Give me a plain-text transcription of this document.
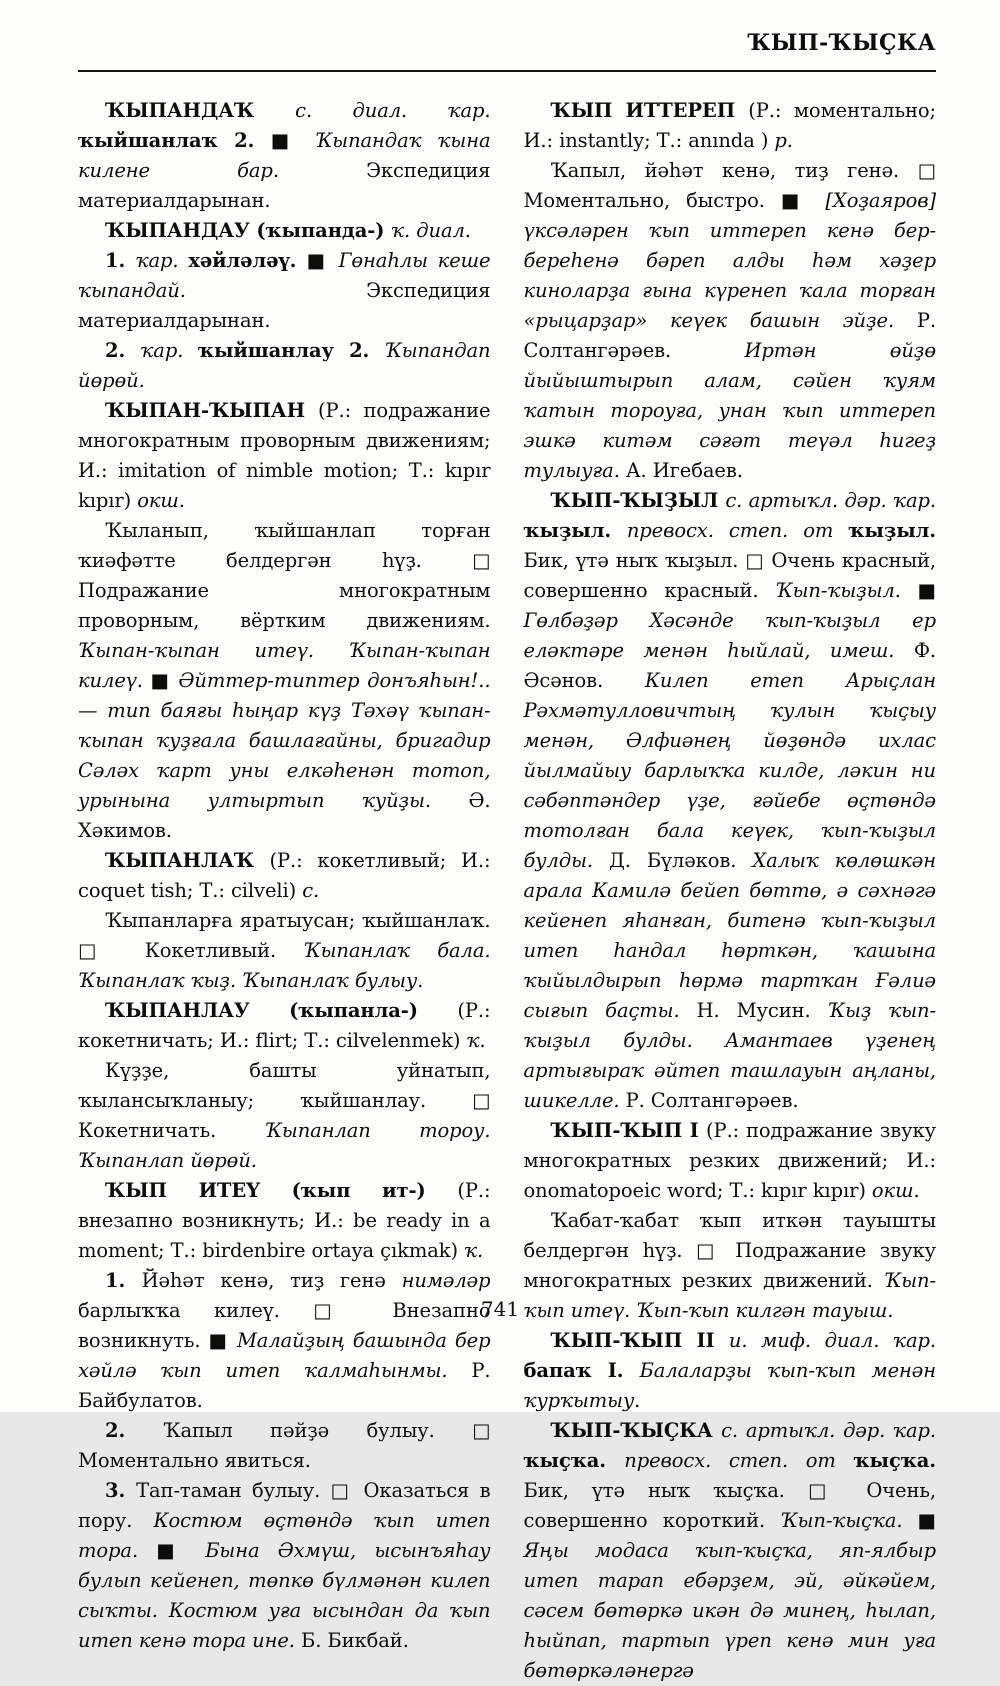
ҠЫП-ҠЫҪКА

ҠЫПАНДАҠ с. диал. ҡар. ҡыйшанлаҡ 2. ■ Ҡыпандаҡ ҡына килене бар. Экспедиция материалдарынан.

ҠЫПАНДАУ (ҡыпанда-) ҡ. диал.

1. ҡар. хәйләләү. ■ Гөнаһлы кеше ҡыпандай. Экспедиция материалдарынан.

2. ҡар. ҡыйшанлау 2. Ҡыпандап йөрөй.

ҠЫПАН-ҠЫПАН (Р.: подражание многократным проворным движениям; И.: imitation of nimble motion; Т.: kıpır kıpır) окш.

Ҡыланып, ҡыйшанлап торған ҡиәфәтте белдергән һүҙ. □ Подражание многократным проворным, вёртким движениям. Ҡыпан-ҡыпан итеү. Ҡыпан-ҡыпан килеү. ■ Әйттер-типтер донъяһын!.. — тип баяғы һыңар күҙ Тәхәү ҡыпан-ҡыпан ҡуҙғала башлағайны, бригадир Сәләх ҡарт уны елкәһенән тотоп, урынына ултыртып ҡуйҙы. Ә. Хәкимов.

ҠЫПАНЛАҠ (Р.: кокетливый; И.: coquet tish; Т.: cilveli) с.

Ҡыпанларға яратыусан; ҡыйшанлаҡ. □ Кокетливый. Ҡыпанлаҡ бала. Ҡыпанлаҡ ҡыҙ. Ҡыпанлаҡ булыу.

ҠЫПАНЛАУ (ҡыпанла-) (Р.: кокетничать; И.: flirt; Т.: cilvelenmek) ҡ.

Күҙҙе, башты уйнатып, ҡылансыҡланыу; ҡыйшанлау. □ Кокетничать. Ҡыпанлап тороу. Ҡыпанлап йөрөй.

ҠЫП ИТЕҮ (ҡып ит-) (Р.: внезапно возникнуть; И.: be ready in a moment; Т.: birdenbire ortaya çıkmak) ҡ.

1. Йәһәт кенә, тиҙ генә нимәләр барлыҡҡа килеү. □ Внезапно возникнуть. ■ Малайҙың башында бер хәйлә ҡып итеп ҡалмаһынмы. Р. Байбулатов.

2. Ҡапыл пәйҙә булыу. □ Моментально явиться.

3. Тап-таман булыу. □ Оказаться в пору. Костюм өҫтөндә ҡып итеп тора. ■ Бына Әхмүш, ысынъяһау булып кейенеп, төпкө бүлмәнән килеп сыҡты. Костюм уға ысындан да ҡып итеп кенә тора ине. Б. Бикбай.

ҠЫП ИТТЕРЕП (Р.: моментально; И.: instantly; Т.: anında ) р.

Ҡапыл, йәһәт кенә, тиҙ генә. □ Моментально, быстро. ■ [Хоҙаяров] үксәләрен ҡып иттереп кенә бер-береһенә бәреп алды һәм хәҙер киноларҙа ғына күренеп ҡала торған «рыцарҙар» кеүек башын эйҙе. Р. Солтангәрәев. Иртән өйҙө йыйыштырып алам, сәйен ҡуям ҡатын тороуға, унан ҡып иттереп эшкә китәм сәғәт теүәл һигеҙ тулыуға. А. Игебаев.

ҠЫП-ҠЫҘЫЛ с. артыҡл. дәр. ҡар. ҡыҙыл. превосх. степ. от ҡыҙыл. Бик, үтә ныҡ ҡыҙыл. □ Очень красный, совершенно красный. Ҡып-ҡыҙыл. ■ Гөлбәҙәр Хәсәнде ҡып-ҡыҙыл ер еләктәре менән һыйлай, имеш. Ф. Әсәнов. Килеп етеп Арыҫлан Рәхмәтулловичтың ҡулын ҡыҫыу менән, Әлфиәнең йөҙөндә ихлас йылмайыу барлыҡҡа килде, ләкин ни сәбәптәндер үҙе, ғәйебе өҫтөндә тотолған бала кеүек, ҡып-ҡыҙыл булды. Д. Бүләков. Халыҡ көлөшкән арала Камилә бейеп бөттө, ә сәхнәгә кейенеп яһанған, битенә ҡып-ҡыҙыл итеп һандал һөрткән, ҡашына ҡыйылдырып һөрмә тартҡан Ғәлиә сығып баҫты. Н. Мусин. Ҡыҙ ҡып-ҡыҙыл булды. Амантаев үҙенең артығыраҡ әйтеп ташлауын аңланы, шикелле. Р. Солтангәрәев.

ҠЫП-ҠЫП I (Р.: подражание звуку многократных резких движений; И.: onomatopoeic word; Т.: kıpır kıpır) окш.

Ҡабат-ҡабат ҡып иткән тауышты белдергән һүҙ. □ Подражание звуку многократных резких движений. Ҡып-ҡып итеү. Ҡып-ҡып килгән тауыш.

ҠЫП-ҠЫП II и. миф. диал. ҡар. бапаҡ I. Балаларҙы ҡып-ҡып менән ҡурҡытыу.

ҠЫП-ҠЫҪКА с. артыҡл. дәр. ҡар. ҡыҫҡа. превосх. степ. от ҡыҫҡа. Бик, үтә ныҡ ҡыҫҡа. □ Очень, совершенно короткий. Ҡып-ҡыҫҡа. ■ Яңы модаса ҡып-ҡыҫҡа, яп-ялбыр итеп тарап ебәрҙем, эй, әйкәйем, сәсем бөтөркә икән дә минең, һылап, һыйпап, тартып үреп кенә мин уға бөтөркәләнергә

741
